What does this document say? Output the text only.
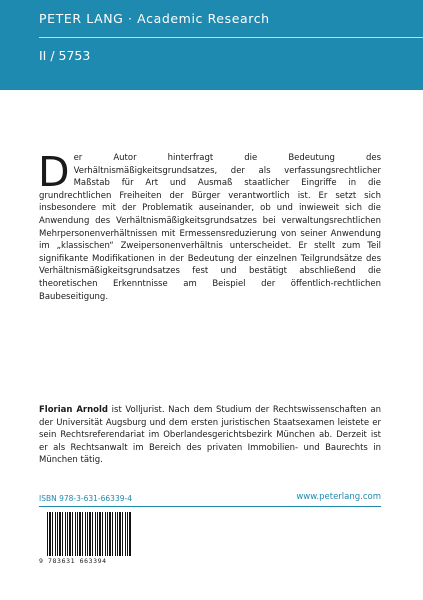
PETER LANG · Academic Research
II / 5753
D er Autor hinterfragt die Bedeutung des Verhältnismäßigkeitsgrundsatzes, der als verfassungsrechtlicher Maßstab für Art und Ausmaß staatlicher Eingriffe in die grundrechtlichen Freiheiten der Bürger verantwortlich ist. Er setzt sich insbesondere mit der Problematik auseinander, ob und inwieweit sich die Anwendung des Verhältnismäßigkeitsgrundsatzes bei verwaltungsrechtlichen Mehrpersonenverhältnissen mit Ermessensreduzierung von seiner Anwendung im „klassischen“ Zweipersonenverhältnis unterscheidet. Er stellt zum Teil signifikante Modifikationen in der Bedeutung der einzelnen Teilgrundsätze des Verhältnismäßigkeitsgrundsatzes fest und bestätigt abschließend die theoretischen Erkenntnisse am Beispiel der öffentlich-rechtlichen Baubeseitigung.
Florian Arnold ist Volljurist. Nach dem Studium der Rechtswissenschaften an der Universität Augsburg und dem ersten juristischen Staatsexamen leistete er sein Rechtsreferendariat im Oberlandesgerichtsbezirk München ab. Derzeit ist er als Rechtsanwalt im Bereich des privaten Immobilien- und Baurechts in München tätig.
ISBN 978-3-631-66339-4	www.peterlang.com
9 783631 663394
